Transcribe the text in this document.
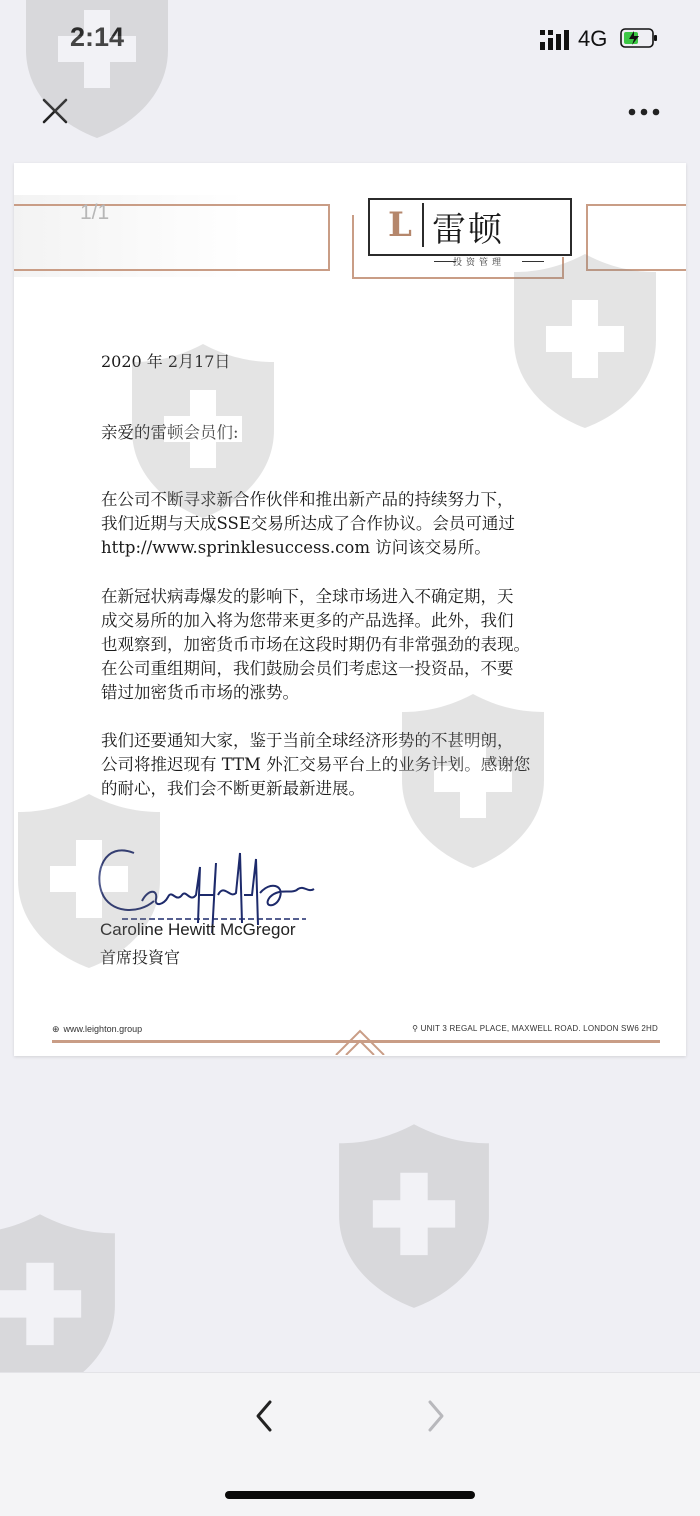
2:14	4G
1/1	L 雷顿
投资管理
2020 年 2月17日
亲爱的雷顿会员们:
在公司不断寻求新合作伙伴和推出新产品的持续努力下，
我们近期与天成SSE交易所达成了合作协议。会员可通过
http://www.sprinklesuccess.com 访问该交易所。
在新冠状病毒爆发的影响下，全球市场进入不确定期，天
成交易所的加入将为您带来更多的产品选择。此外，我们
也观察到，加密货币市场在这段时期仍有非常强劲的表现。
在公司重组期间，我们鼓励会员们考虑这一投资品，不要
错过加密货币市场的涨势。
我们还要通知大家，鉴于当前全球经济形势的不甚明朗，
公司将推迟现有 TTM 外汇交易平台上的业务计划。感谢您
的耐心，我们会不断更新最新进展。
Caroline Hewitt McGregor
首席投資官
⊕ www.leighton.group	⚲ UNIT 3 REGAL PLACE, MAXWELL ROAD. LONDON SW6 2HD
